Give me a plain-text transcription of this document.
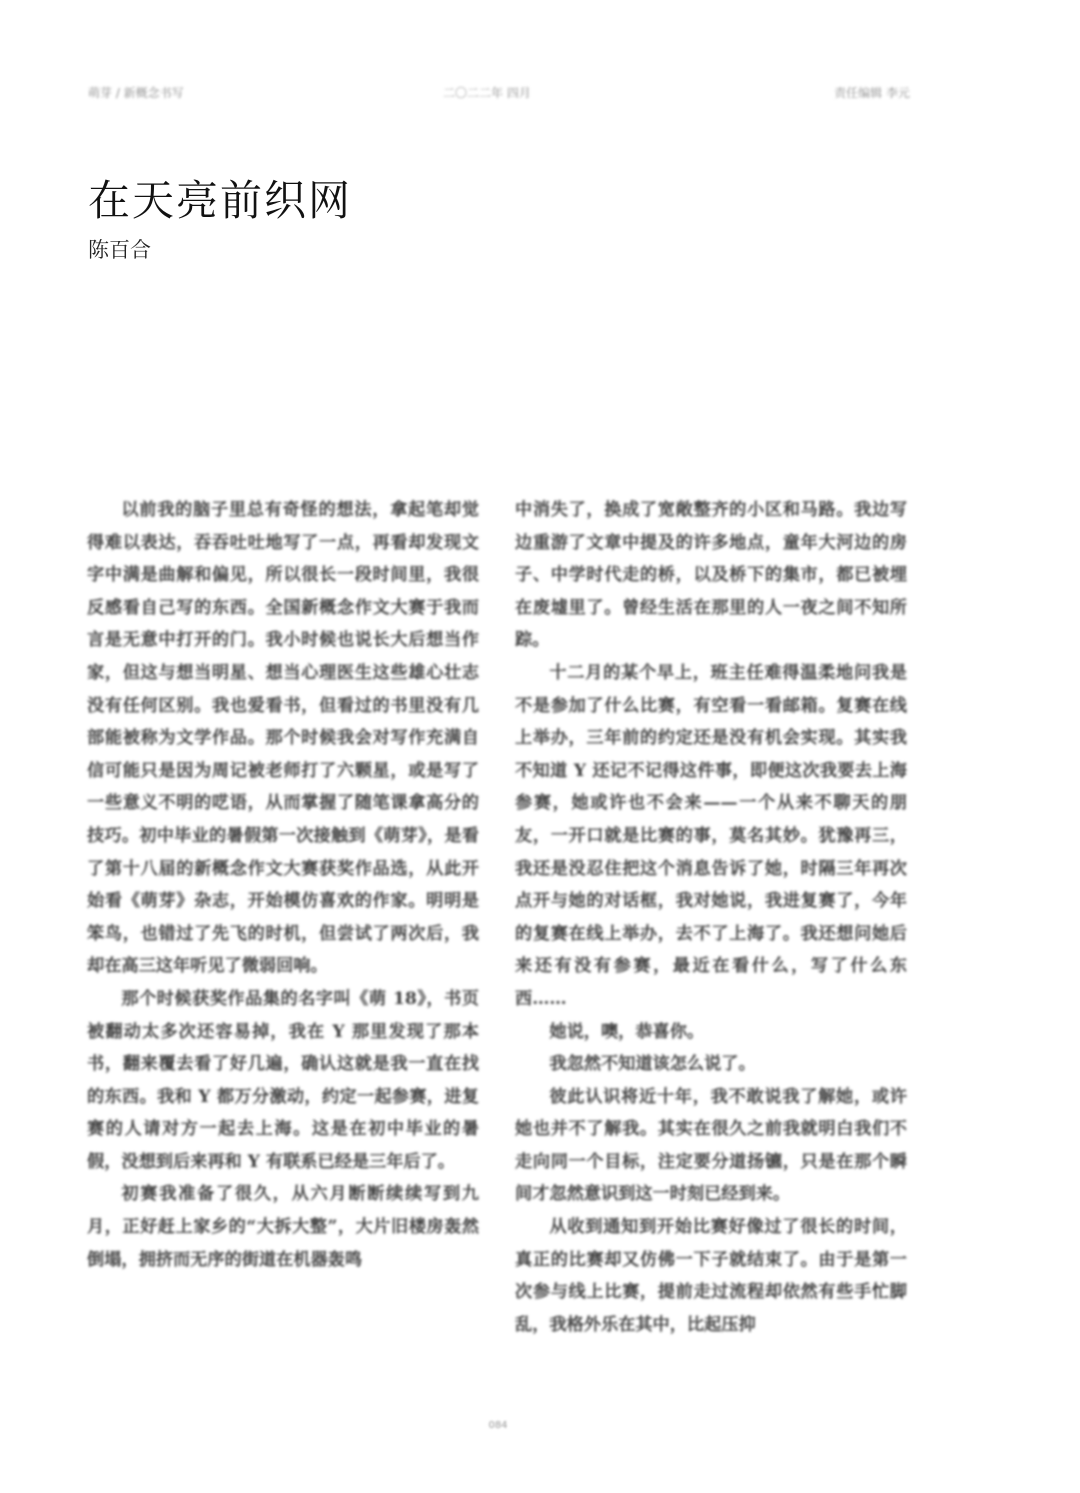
萌芽 / 新概念书写	二〇二二年 四月	责任编辑 李元
在天亮前织网
陈百合

以前我的脑子里总有奇怪的想法，拿起笔却觉得难以表达，吞吞吐吐地写了一点，再看却发现文字中满是曲解和偏见，所以很长一段时间里，我很反感看自己写的东西。全国新概念作文大赛于我而言是无意中打开的门。我小时候也说长大后想当作家，但这与想当明星、想当心理医生这些雄心壮志没有任何区别。我也爱看书，但看过的书里没有几部能被称为文学作品。那个时候我会对写作充满自信可能只是因为周记被老师打了六颗星，或是写了一些意义不明的呓语，从而掌握了随笔课拿高分的技巧。初中毕业的暑假第一次接触到《萌芽》，是看了第十八届的新概念作文大赛获奖作品选，从此开始看《萌芽》杂志，开始模仿喜欢的作家。明明是笨鸟，也错过了先飞的时机，但尝试了两次后，我却在高三这年听见了微弱回响。

那个时候获奖作品集的名字叫《萌 18》，书页被翻动太多次还容易掉，我在 Y 那里发现了那本书，翻来覆去看了好几遍，确认这就是我一直在找的东西。我和 Y 都万分激动，约定一起参赛，进复赛的人请对方一起去上海。这是在初中毕业的暑假，没想到后来再和 Y 有联系已经是三年后了。

初赛我准备了很久，从六月断断续续写到九月，正好赶上家乡的“大拆大整”，大片旧楼房轰然倒塌，拥挤而无序的街道在机器轰鸣

中消失了，换成了宽敞整齐的小区和马路。我边写边重游了文章中提及的许多地点，童年大河边的房子、中学时代走的桥，以及桥下的集市，都已被埋在废墟里了。曾经生活在那里的人一夜之间不知所踪。

十二月的某个早上，班主任难得温柔地问我是不是参加了什么比赛，有空看一看邮箱。复赛在线上举办，三年前的约定还是没有机会实现。其实我不知道 Y 还记不记得这件事，即便这次我要去上海参赛，她或许也不会来——一个从来不聊天的朋友，一开口就是比赛的事，莫名其妙。犹豫再三，我还是没忍住把这个消息告诉了她，时隔三年再次点开与她的对话框，我对她说，我进复赛了，今年的复赛在线上举办，去不了上海了。我还想问她后来还有没有参赛，最近在看什么，写了什么东西……

她说，噢，恭喜你。

我忽然不知道该怎么说了。

彼此认识将近十年，我不敢说我了解她，或许她也并不了解我。其实在很久之前我就明白我们不走向同一个目标，注定要分道扬镳，只是在那个瞬间才忽然意识到这一时刻已经到来。

从收到通知到开始比赛好像过了很长的时间，真正的比赛却又仿佛一下子就结束了。由于是第一次参与线上比赛，提前走过流程却依然有些手忙脚乱，我格外乐在其中，比起压抑

084
